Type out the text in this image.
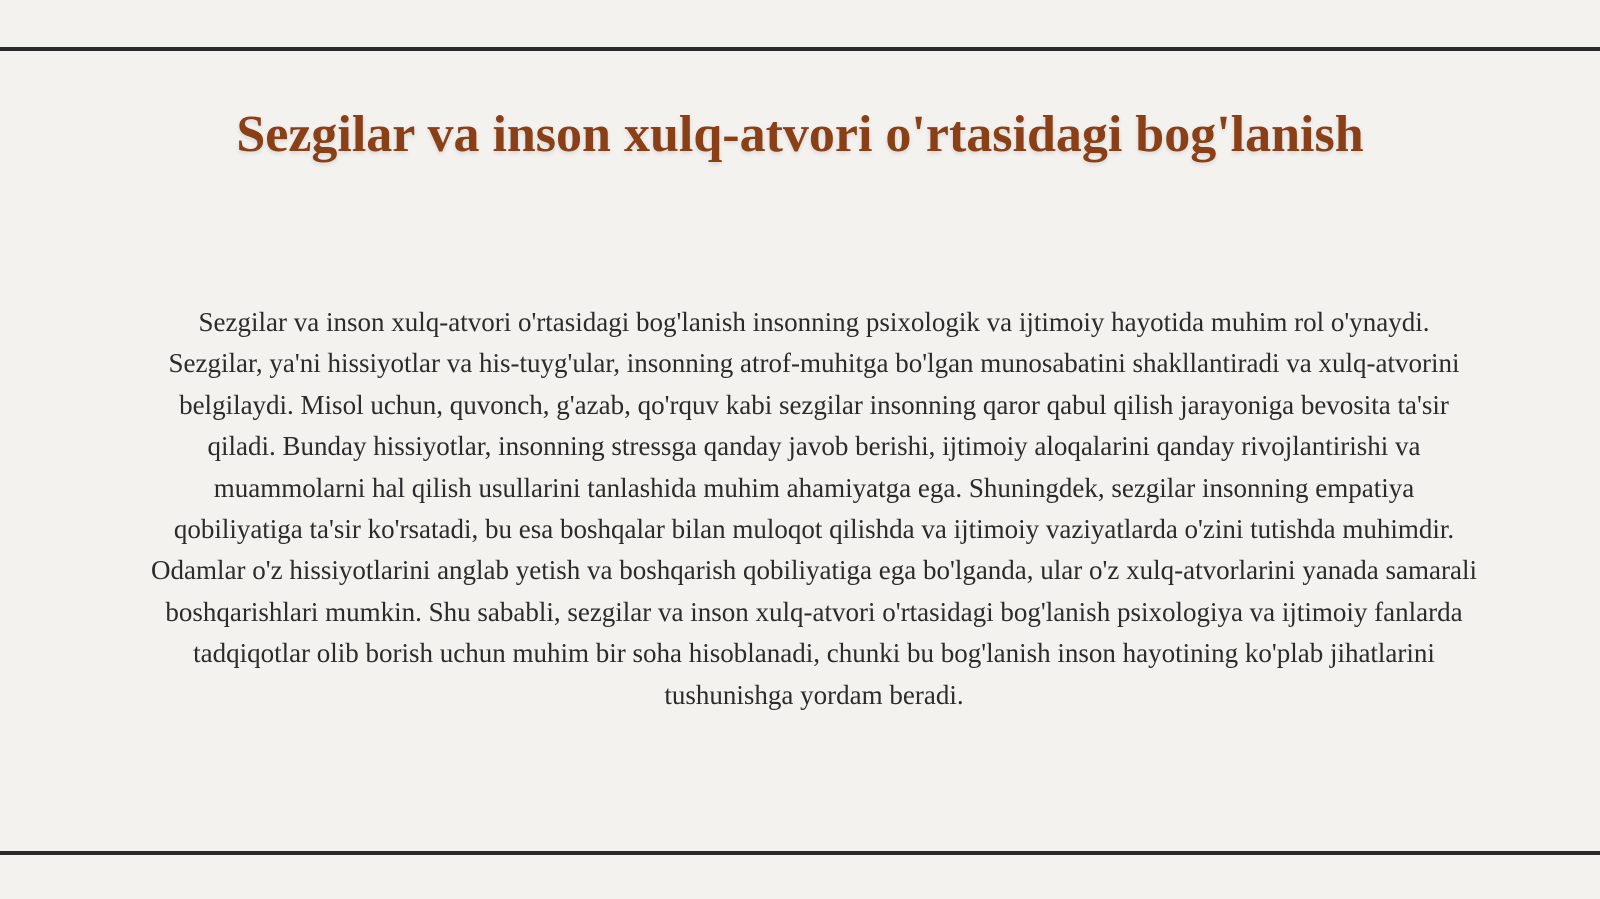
Sezgilar va inson xulq-atvori o'rtasidagi bog'lanish

Sezgilar va inson xulq-atvori o'rtasidagi bog'lanish insonning psixologik va ijtimoiy hayotida muhim rol o'ynaydi. Sezgilar, ya'ni hissiyotlar va his-tuyg'ular, insonning atrof-muhitga bo'lgan munosabatini shakllantiradi va xulq-atvorini belgilaydi. Misol uchun, quvonch, g'azab, qo'rquv kabi sezgilar insonning qaror qabul qilish jarayoniga bevosita ta'sir qiladi. Bunday hissiyotlar, insonning stressga qanday javob berishi, ijtimoiy aloqalarini qanday rivojlantirishi va muammolarni hal qilish usullarini tanlashida muhim ahamiyatga ega. Shuningdek, sezgilar insonning empatiya qobiliyatiga ta'sir ko'rsatadi, bu esa boshqalar bilan muloqot qilishda va ijtimoiy vaziyatlarda o'zini tutishda muhimdir. Odamlar o'z hissiyotlarini anglab yetish va boshqarish qobiliyatiga ega bo'lganda, ular o'z xulq-atvorlarini yanada samarali boshqarishlari mumkin. Shu sababli, sezgilar va inson xulq-atvori o'rtasidagi bog'lanish psixologiya va ijtimoiy fanlarda tadqiqotlar olib borish uchun muhim bir soha hisoblanadi, chunki bu bog'lanish inson hayotining ko'plab jihatlarini tushunishga yordam beradi.
